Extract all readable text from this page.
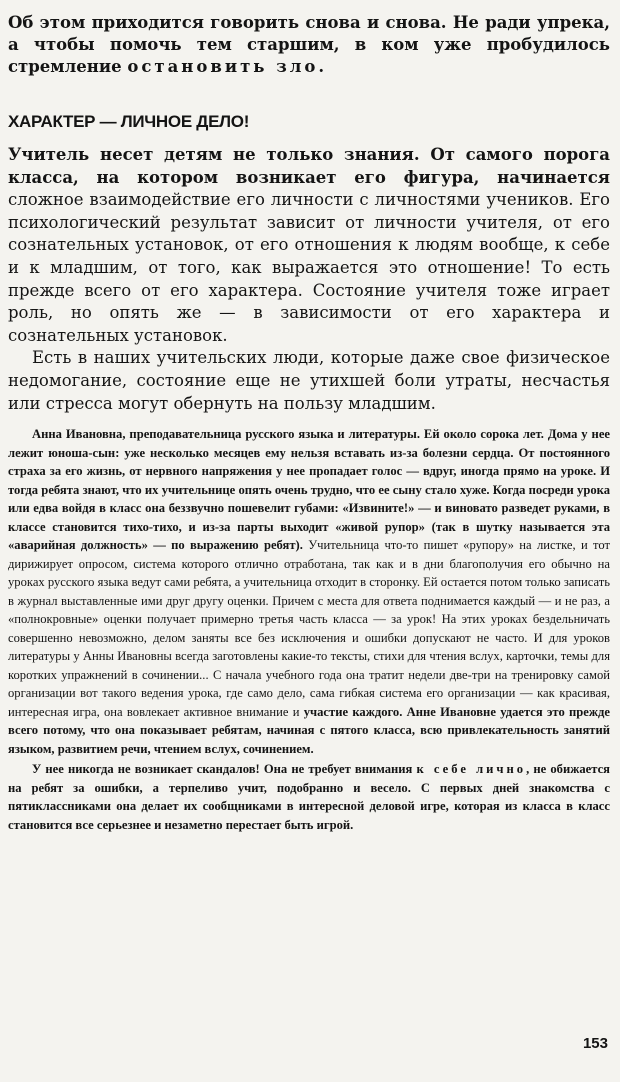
Об этом приходится говорить снова и снова. Не ради упрека, а чтобы помочь тем старшим, в ком уже пробудилось стремление остановить зло.

ХАРАКТЕР — ЛИЧНОЕ ДЕЛО!

Учитель несет детям не только знания. От самого порога класса, на котором возникает его фигура, начинается сложное взаимодействие его личности с личностями учеников. Его психологический результат зависит от личности учителя, от его сознательных установок, от его отношения к людям вообще, к себе и к младшим, от того, как выражается это отношение! То есть прежде всего от его характера. Состояние учителя тоже играет роль, но опять же — в зависимости от его характера и сознательных установок.

Есть в наших учительских люди, которые даже свое физическое недомогание, состояние еще не утихшей боли утраты, несчастья или стресса могут обернуть на пользу младшим.

Анна Ивановна, преподавательница русского языка и литературы. Ей около сорока лет. Дома у нее лежит юноша-сын: уже несколько месяцев ему нельзя вставать из-за болезни сердца. От постоянного страха за его жизнь, от нервного напряжения у нее пропадает голос — вдруг, иногда прямо на уроке. И тогда ребята знают, что их учительнице опять очень трудно, что ее сыну стало хуже. Когда посреди урока или едва войдя в класс она беззвучно пошевелит губами: «Извините!» — и виновато разведет руками, в классе становится тихо-тихо, и из-за парты выходит «живой рупор» (так в шутку называется эта «аварийная должность» — по выражению ребят). Учительница что-то пишет «рупору» на листке, и тот дирижирует опросом, система которого отлично отработана, так как и в дни благополучия его обычно на уроках русского языка ведут сами ребята, а учительница отходит в сторонку. Ей остается потом только записать в журнал выставленные ими друг другу оценки. Причем с места для ответа поднимается каждый — и не раз, а «полнокровные» оценки получает примерно третья часть класса — за урок! На этих уроках бездельничать совершенно невозможно, делом заняты все без исключения и ошибки допускают не часто. И для уроков литературы у Анны Ивановны всегда заготовлены какие-то тексты, стихи для чтения вслух, карточки, темы для коротких упражнений в сочинении... С начала учебного года она тратит недели две-три на тренировку самой организации вот такого ведения урока, где само дело, сама гибкая система его организации — как красивая, интересная игра, она вовлекает активное внимание и участие каждого. Анне Ивановне удается это прежде всего потому, что она показывает ребятам, начиная с пятого класса, всю привлекательность занятий языком, развитием речи, чтением вслух, сочинением.

У нее никогда не возникает скандалов! Она не требует внимания к себе лично, не обижается на ребят за ошибки, а терпеливо учит, подобранно и весело. С первых дней знакомства с пятиклассниками она делает их сообщниками в интересной деловой игре, которая из класса в класс становится все серьезнее и незаметно перестает быть игрой.

153
